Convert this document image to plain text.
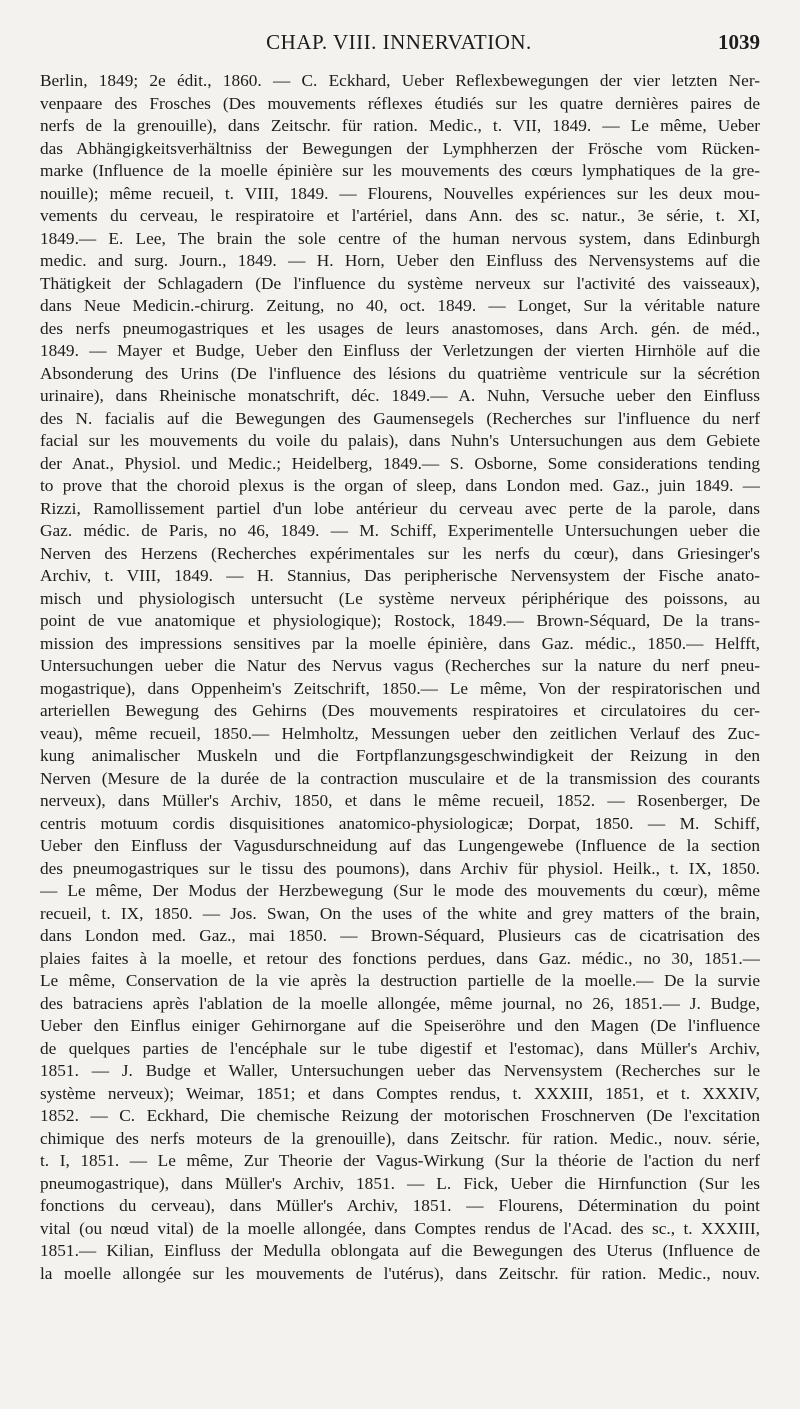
CHAP. VIII. INNERVATION.	1039
Berlin, 1849; 2e édit., 1860. — C. Eckhard, Ueber Reflexbewegungen der vier letzten Ner-
venpaare des Frosches (Des mouvements réflexes étudiés sur les quatre dernières paires de
nerfs de la grenouille), dans Zeitschr. für ration. Medic., t. VII, 1849. — Le même, Ueber
das Abhängigkeitsverhältniss der Bewegungen der Lymphherzen der Frösche vom Rücken-
marke (Influence de la moelle épinière sur les mouvements des cœurs lymphatiques de la gre-
nouille); même recueil, t. VIII, 1849. — Flourens, Nouvelles expériences sur les deux mou-
vements du cerveau, le respiratoire et l'artériel, dans Ann. des sc. natur., 3e série, t. XI,
1849.— E. Lee, The brain the sole centre of the human nervous system, dans Edinburgh
medic. and surg. Journ., 1849. — H. Horn, Ueber den Einfluss des Nervensystems auf die
Thätigkeit der Schlagadern (De l'influence du système nerveux sur l'activité des vaisseaux),
dans Neue Medicin.-chirurg. Zeitung, no 40, oct. 1849. — Longet, Sur la véritable nature
des nerfs pneumogastriques et les usages de leurs anastomoses, dans Arch. gén. de méd.,
1849. — Mayer et Budge, Ueber den Einfluss der Verletzungen der vierten Hirnhöle auf die
Absonderung des Urins (De l'influence des lésions du quatrième ventricule sur la sécrétion
urinaire), dans Rheinische monatschrift, déc. 1849.— A. Nuhn, Versuche ueber den Einfluss
des N. facialis auf die Bewegungen des Gaumensegels (Recherches sur l'influence du nerf
facial sur les mouvements du voile du palais), dans Nuhn's Untersuchungen aus dem Gebiete
der Anat., Physiol. und Medic.; Heidelberg, 1849.— S. Osborne, Some considerations tending
to prove that the choroid plexus is the organ of sleep, dans London med. Gaz., juin 1849. —
Rizzi, Ramollissement partiel d'un lobe antérieur du cerveau avec perte de la parole, dans
Gaz. médic. de Paris, no 46, 1849. — M. Schiff, Experimentelle Untersuchungen ueber die
Nerven des Herzens (Recherches expérimentales sur les nerfs du cœur), dans Griesinger's
Archiv, t. VIII, 1849. — H. Stannius, Das peripherische Nervensystem der Fische anato-
misch und physiologisch untersucht (Le système nerveux périphérique des poissons, au
point de vue anatomique et physiologique); Rostock, 1849.— Brown-Séquard, De la trans-
mission des impressions sensitives par la moelle épinière, dans Gaz. médic., 1850.— Helfft,
Untersuchungen ueber die Natur des Nervus vagus (Recherches sur la nature du nerf pneu-
mogastrique), dans Oppenheim's Zeitschrift, 1850.— Le même, Von der respiratorischen und
arteriellen Bewegung des Gehirns (Des mouvements respiratoires et circulatoires du cer-
veau), même recueil, 1850.— Helmholtz, Messungen ueber den zeitlichen Verlauf des Zuc-
kung animalischer Muskeln und die Fortpflanzungsgeschwindigkeit der Reizung in den
Nerven (Mesure de la durée de la contraction musculaire et de la transmission des courants
nerveux), dans Müller's Archiv, 1850, et dans le même recueil, 1852. — Rosenberger, De
centris motuum cordis disquisitiones anatomico-physiologicæ; Dorpat, 1850. — M. Schiff,
Ueber den Einfluss der Vagusdurschneidung auf das Lungengewebe (Influence de la section
des pneumogastriques sur le tissu des poumons), dans Archiv für physiol. Heilk., t. IX, 1850.
— Le même, Der Modus der Herzbewegung (Sur le mode des mouvements du cœur), même
recueil, t. IX, 1850. — Jos. Swan, On the uses of the white and grey matters of the brain,
dans London med. Gaz., mai 1850. — Brown-Séquard, Plusieurs cas de cicatrisation des
plaies faites à la moelle, et retour des fonctions perdues, dans Gaz. médic., no 30, 1851.—
Le même, Conservation de la vie après la destruction partielle de la moelle.— De la survie
des batraciens après l'ablation de la moelle allongée, même journal, no 26, 1851.— J. Budge,
Ueber den Einflus einiger Gehirnorgane auf die Speiseröhre und den Magen (De l'influence
de quelques parties de l'encéphale sur le tube digestif et l'estomac), dans Müller's Archiv,
1851. — J. Budge et Waller, Untersuchungen ueber das Nervensystem (Recherches sur le
système nerveux); Weimar, 1851; et dans Comptes rendus, t. XXXIII, 1851, et t. XXXIV,
1852. — C. Eckhard, Die chemische Reizung der motorischen Froschnerven (De l'excitation
chimique des nerfs moteurs de la grenouille), dans Zeitschr. für ration. Medic., nouv. série,
t. I, 1851. — Le même, Zur Theorie der Vagus-Wirkung (Sur la théorie de l'action du nerf
pneumogastrique), dans Müller's Archiv, 1851. — L. Fick, Ueber die Hirnfunction (Sur les
fonctions du cerveau), dans Müller's Archiv, 1851. — Flourens, Détermination du point
vital (ou nœud vital) de la moelle allongée, dans Comptes rendus de l'Acad. des sc., t. XXXIII,
1851.— Kilian, Einfluss der Medulla oblongata auf die Bewegungen des Uterus (Influence de
la moelle allongée sur les mouvements de l'utérus), dans Zeitschr. für ration. Medic., nouv.
